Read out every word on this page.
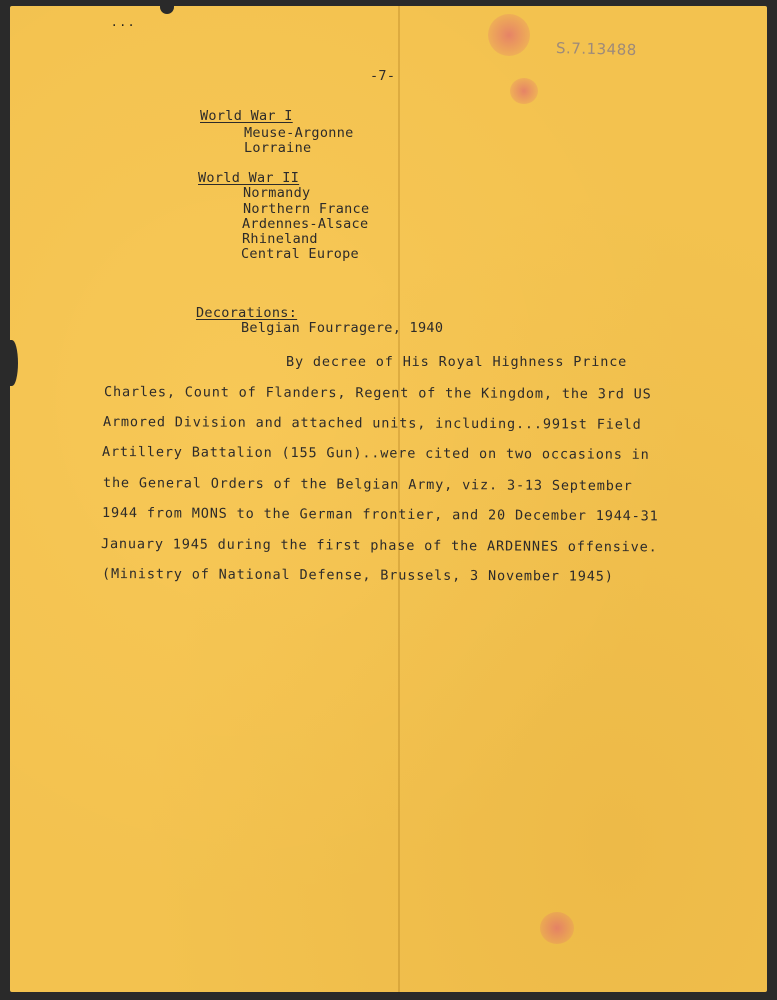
...
S.7.13488
-7-
World War I
Meuse-Argonne
Lorraine
World War II
Normandy
Northern France
Ardennes-Alsace
Rhineland
Central Europe
Decorations:
Belgian Fourragere, 1940
By decree of His Royal Highness Prince
Charles, Count of Flanders, Regent of the Kingdom, the 3rd US
Armored Division and attached units, including...991st Field
Artillery Battalion (155 Gun)..were cited on two occasions in
the General Orders of the Belgian Army, viz. 3-13 September
1944 from MONS to the German frontier, and 20 December 1944-31
January 1945 during the first phase of the ARDENNES offensive.
(Ministry of National Defense, Brussels, 3 November 1945)
